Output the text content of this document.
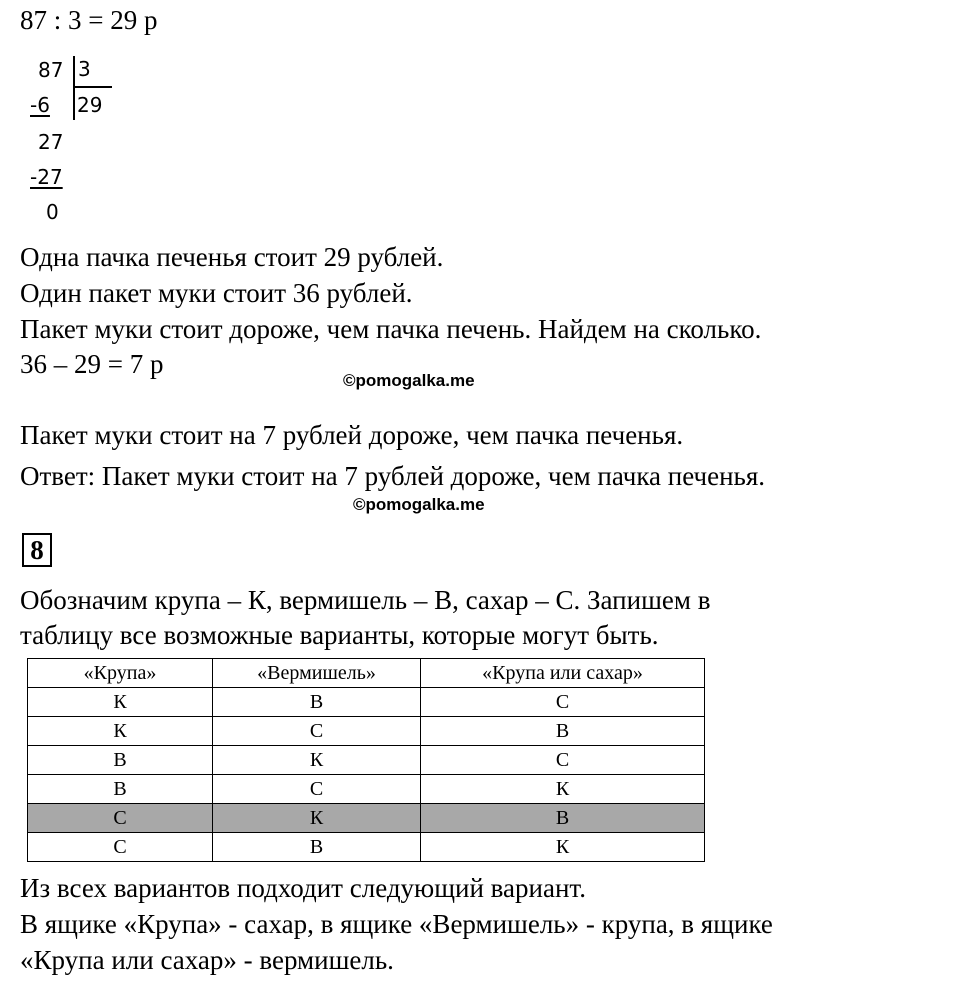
87 : 3 = 29 р
87 3
-6 29
27
-27
0
Одна пачка печенья стоит 29 рублей.
Один пакет муки стоит 36 рублей.
Пакет муки стоит дороже, чем пачка печень. Найдем на сколько.
36 – 29 = 7 р
©pomogalka.me
Пакет муки стоит на 7 рублей дороже, чем пачка печенья.
Ответ: Пакет муки стоит на 7 рублей дороже, чем пачка печенья.
©pomogalka.me
8
Обозначим крупа – К, вермишель – В, сахар – С. Запишем в
таблицу все возможные варианты, которые могут быть.
«Крупа»	«Вермишель»	«Крупа или сахар»
К	В	С
К	С	В
В	К	С
В	С	К
С	К	В
С	В	К
Из всех вариантов подходит следующий вариант.
В ящике «Крупа» - сахар, в ящике «Вермишель» - крупа, в ящике
«Крупа или сахар» - вермишель.
